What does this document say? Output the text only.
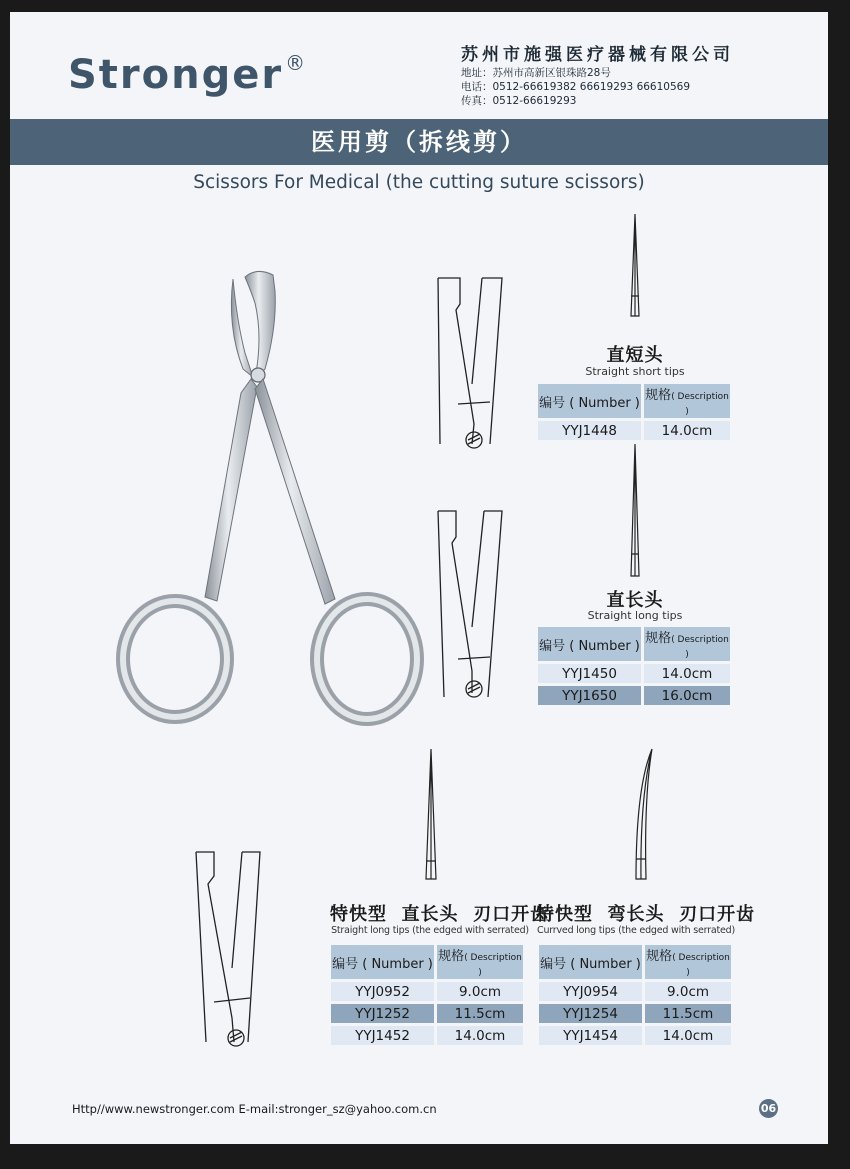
Stronger ®	苏州市施强医疗器械有限公司
地址：苏州市高新区银珠路28号
电话：0512-66619382 66619293 66610569
传真：0512-66619293
医用剪（拆线剪）
Scissors For Medical (the cutting suture scissors)
直短头
Straight short tips
编号 ( Number )	规格( Description )
YYJ1448	14.0cm
直长头
Straight long tips
编号 ( Number )	规格( Description )
YYJ1450	14.0cm
YYJ1650	16.0cm
特快型  直长头  刃口开齿
Straight long tips (the edged with serrated)
编号 ( Number )	规格( Description )
YYJ0952	9.0cm
YYJ1252	11.5cm
YYJ1452	14.0cm
特快型  弯长头  刃口开齿
Currved long tips (the edged with serrated)
编号 ( Number )	规格( Description )
YYJ0954	9.0cm
YYJ1254	11.5cm
YYJ1454	14.0cm
Http//www.newstronger.com E-mail:stronger_sz@yahoo.com.cn	06
